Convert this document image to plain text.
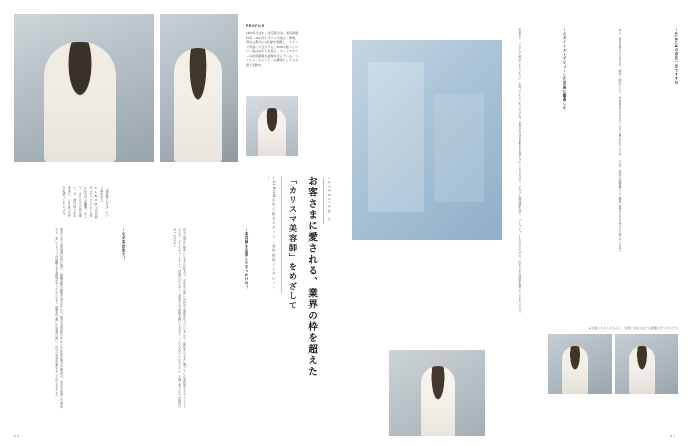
PROFILE
1994年生まれ。東京都出身。美容師歴10年。2017年にサロンを独立・開業。現在は都内に3店舗を展開し、スタッフ育成にも注力する。SNSの総フォロワー数は20万人を超え、カットやカラーの技術動画が話題を呼んでいる。ヘアショーやセミナーの講師としても全国で活動中。
「美容師になる」という夢を叶え、ALBUMで初の新卒スタッフとして入社2年目で大躍進。そして、さらにその先の道へ。今、彼が見つめる未来と、これまでの歩みを語ってもらった。	INTERVIEW ②
お客さまに愛される、業界の枠を超えた
「カリスマ美容師」をめざして
ーALBUMの生え抜きスタッフ・金内裕真インタビューー
ー美容師を志望したきっかけは？
幼少の頃から髪をいじるのが好きで、中学生の頃には自分で前髪を切っていました。高校生のときに通っていた美容室のスタイリストさんが、とてもかっこよくて。技術だけでなく、会話や立ち居振る舞いも含めて「この人みたいになりたい」と強く思ったのが最初のきっかけです。
ーなぜ美容室で？
東京に出て美容専門学校に通い、就職活動の時期を迎えました。数ある美容室の中からALBUMを選んだ理由は、SNSを活用した発信力と、若いスタッフが活躍できる環境があったからです。説明会で聞いた先輩の話に、自分の未来を重ねることができました。
60
▲店販に力を入れるのも、客層にお客さまとの距離を近づけるため
ーALBUMの存在一歩ですすむ
はい。2022年4月に入社した、新卒一期生として、ALBUMを支えるきっかけに携われたことは、この先、経営の経験値として確実に還元されるはずだと感じています。
ースタイリストデビューした直後に躍進した
を覚えて「この人に染めてもらいたい」と思ってもらいたいですね。お客さまはInstagramを見てきてくださるので、そのぶん期待値も高く、プレッシャーも大きいですが、応えられる技術を磨いていきたいです。
61
